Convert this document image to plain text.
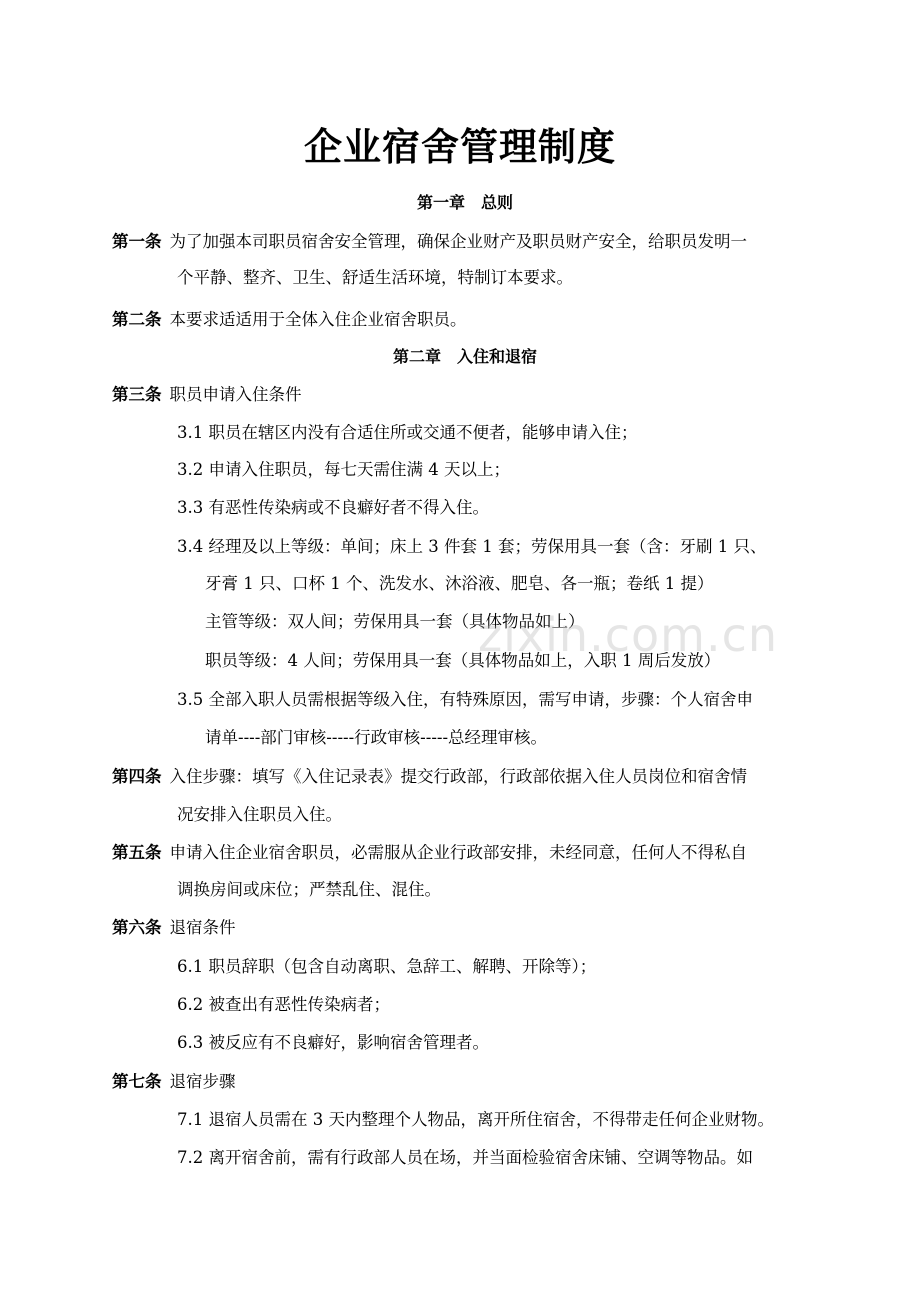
企业宿舍管理制度
第一章　总则
第一条 为了加强本司职员宿舍安全管理，确保企业财产及职员财产安全，给职员发明一
个平静、整齐、卫生、舒适生活环境，特制订本要求。
第二条 本要求适适用于全体入住企业宿舍职员。
第二章　入住和退宿
第三条 职员申请入住条件
3.1 职员在辖区内没有合适住所或交通不便者，能够申请入住；
3.2 申请入住职员，每七天需住满 4 天以上；
3.3 有恶性传染病或不良癖好者不得入住。
3.4 经理及以上等级：单间；床上 3 件套 1 套；劳保用具一套（含：牙刷 1 只、
牙膏 1 只、口杯 1 个、洗发水、沐浴液、肥皂、各一瓶；卷纸 1 提）
主管等级：双人间；劳保用具一套（具体物品如上）
职员等级：4 人间；劳保用具一套（具体物品如上，入职 1 周后发放）
3.5 全部入职人员需根据等级入住，有特殊原因，需写申请，步骤：个人宿舍申
请单----部门审核-----行政审核-----总经理审核。
第四条 入住步骤：填写《入住记录表》提交行政部，行政部依据入住人员岗位和宿舍情
况安排入住职员入住。
第五条 申请入住企业宿舍职员，必需服从企业行政部安排，未经同意，任何人不得私自
调换房间或床位；严禁乱住、混住。
第六条 退宿条件
6.1 职员辞职（包含自动离职、急辞工、解聘、开除等）；
6.2 被查出有恶性传染病者；
6.3 被反应有不良癖好，影响宿舍管理者。
第七条 退宿步骤
7.1 退宿人员需在 3 天内整理个人物品，离开所住宿舍，不得带走任何企业财物。
7.2 离开宿舍前，需有行政部人员在场，并当面检验宿舍床铺、空调等物品。如
zixin.com.cn
